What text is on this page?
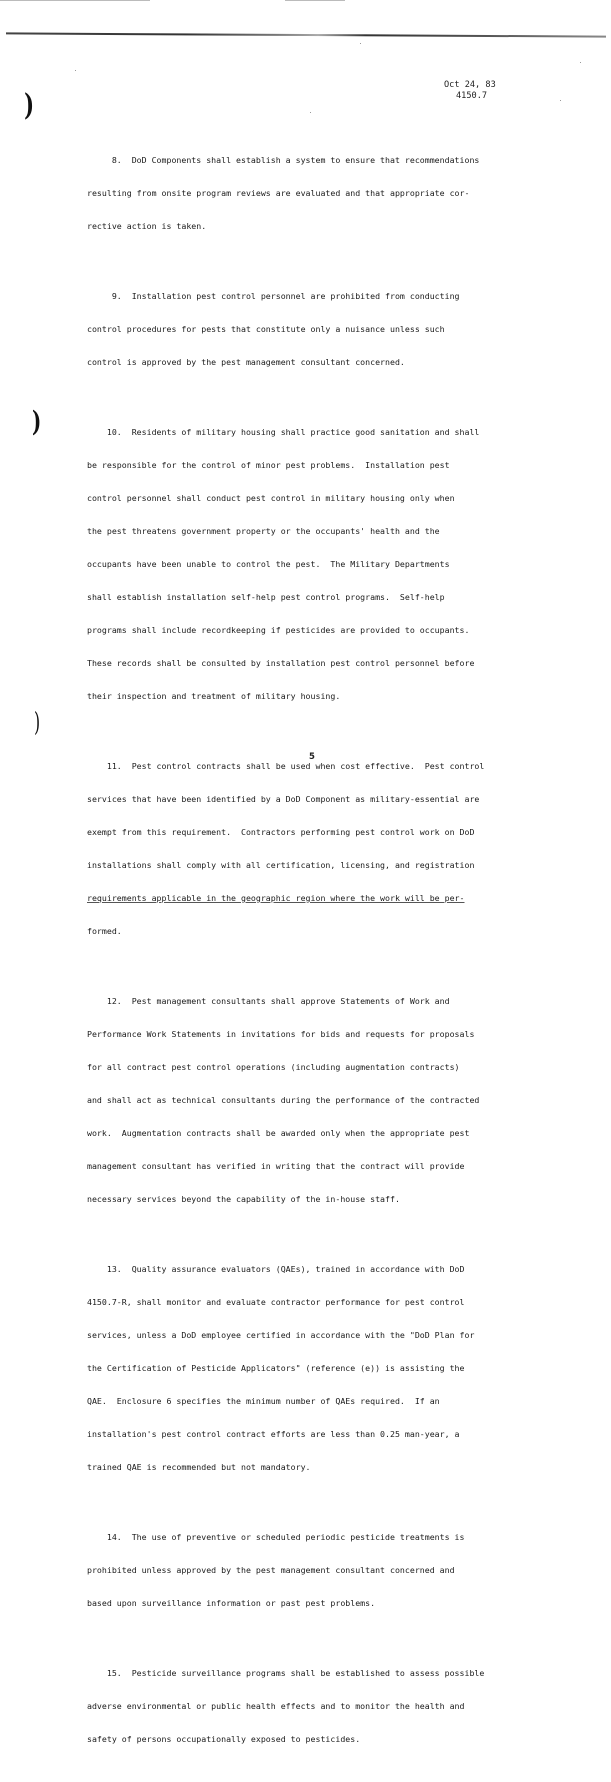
Oct 24, 83
4150.7
)
)
)

8.  DoD Components shall establish a system to ensure that recommendations

resulting from onsite program reviews are evaluated and that appropriate cor-

rective action is taken.

9.  Installation pest control personnel are prohibited from conducting

control procedures for pests that constitute only a nuisance unless such

control is approved by the pest management consultant concerned.

10.  Residents of military housing shall practice good sanitation and shall

be responsible for the control of minor pest problems.  Installation pest

control personnel shall conduct pest control in military housing only when

the pest threatens government property or the occupants' health and the

occupants have been unable to control the pest.  The Military Departments

shall establish installation self-help pest control programs.  Self-help

programs shall include recordkeeping if pesticides are provided to occupants.

These records shall be consulted by installation pest control personnel before

their inspection and treatment of military housing.

11.  Pest control contracts shall be used when cost effective.  Pest control

services that have been identified by a DoD Component as military-essential are

exempt from this requirement.  Contractors performing pest control work on DoD

installations shall comply with all certification, licensing, and registration

requirements applicable in the geographic region where the work will be per-

formed.

12.  Pest management consultants shall approve Statements of Work and

Performance Work Statements in invitations for bids and requests for proposals

for all contract pest control operations (including augmentation contracts)

and shall act as technical consultants during the performance of the contracted

work.  Augmentation contracts shall be awarded only when the appropriate pest

management consultant has verified in writing that the contract will provide

necessary services beyond the capability of the in-house staff.

13.  Quality assurance evaluators (QAEs), trained in accordance with DoD

4150.7-R, shall monitor and evaluate contractor performance for pest control

services, unless a DoD employee certified in accordance with the "DoD Plan for

the Certification of Pesticide Applicators" (reference (e)) is assisting the

QAE.  Enclosure 6 specifies the minimum number of QAEs required.  If an

installation's pest control contract efforts are less than 0.25 man-year, a

trained QAE is recommended but not mandatory.

14.  The use of preventive or scheduled periodic pesticide treatments is

prohibited unless approved by the pest management consultant concerned and

based upon surveillance information or past pest problems.

15.  Pesticide surveillance programs shall be established to assess possible

adverse environmental or public health effects and to monitor the health and

safety of persons occupationally exposed to pesticides.

5
